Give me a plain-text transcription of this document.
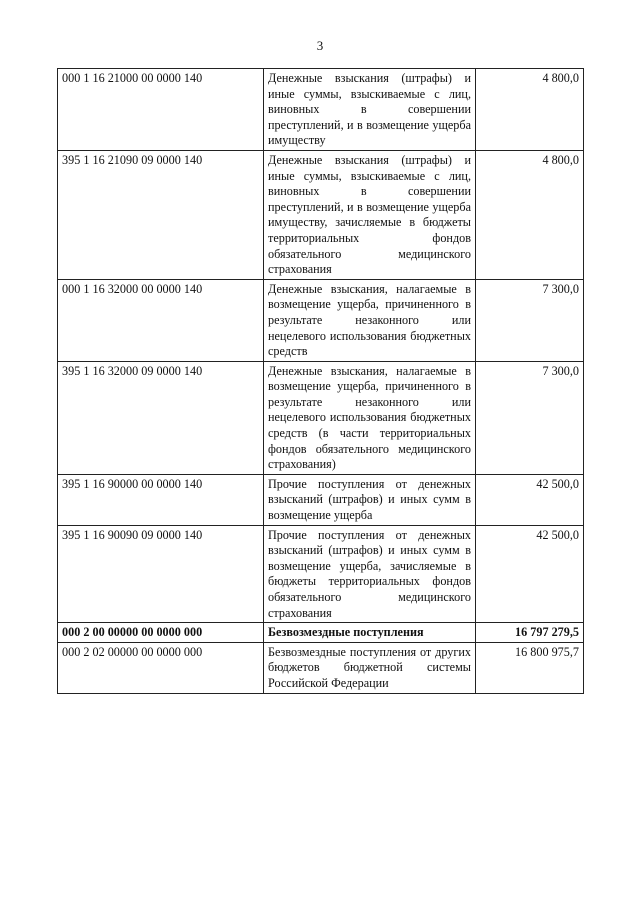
3
000 1 16 21000 00 0000 140	Денежные взыскания (штрафы) и иные суммы, взыскиваемые с лиц, виновных в совершении преступлений, и в возмещение ущерба имуществу	4 800,0
395 1 16 21090 09 0000 140	Денежные взыскания (штрафы) и иные суммы, взыскиваемые с лиц, виновных в совершении преступлений, и в возмещение ущерба имуществу, зачисляемые в бюджеты территориальных фондов обязательного медицинского страхования	4 800,0
000 1 16 32000 00 0000 140	Денежные взыскания, налагаемые в возмещение ущерба, причиненного в результате незаконного или нецелевого использования бюджетных средств	7 300,0
395 1 16 32000 09 0000 140	Денежные взыскания, налагаемые в возмещение ущерба, причиненного в результате незаконного или нецелевого использования бюджетных средств (в части территориальных фондов обязательного медицинского страхования)	7 300,0
395 1 16 90000 00 0000 140	Прочие поступления от денежных взысканий (штрафов) и иных сумм в возмещение ущерба	42 500,0
395 1 16 90090 09 0000 140	Прочие поступления от денежных взысканий (штрафов) и иных сумм в возмещение ущерба, зачисляемые в бюджеты территориальных фондов обязательного медицинского страхования	42 500,0
000 2 00 00000 00 0000 000	Безвозмездные поступления	16 797 279,5
000 2 02 00000 00 0000 000	Безвозмездные поступления от других бюджетов бюджетной системы Российской Федерации	16 800 975,7
